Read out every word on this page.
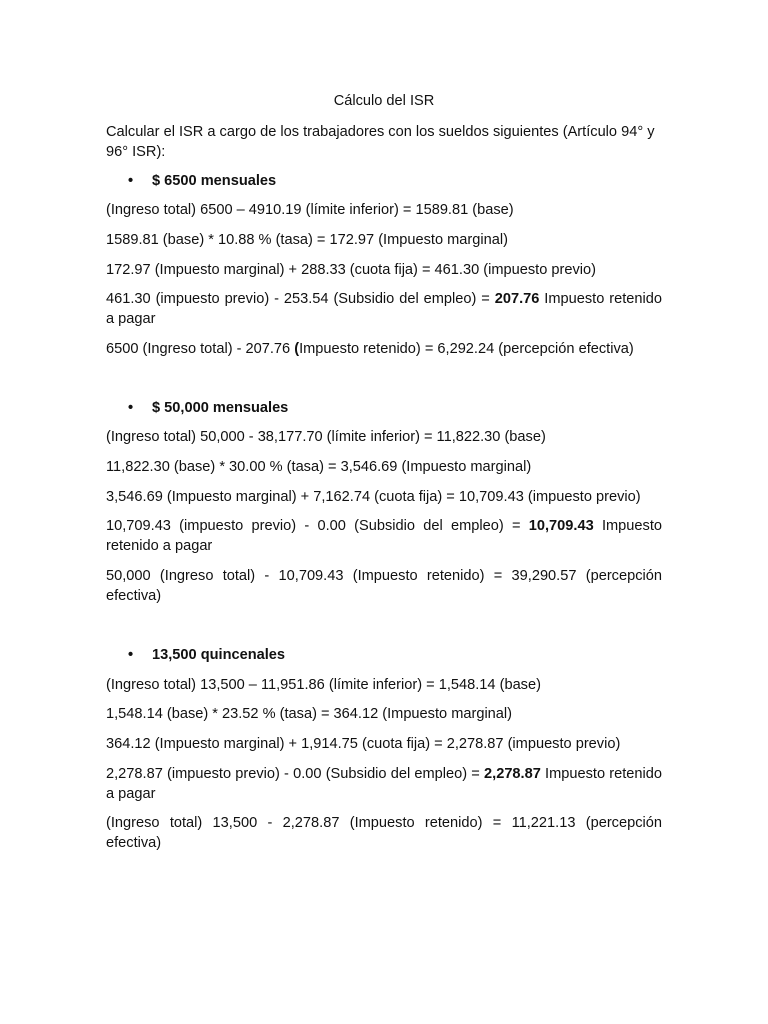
Cálculo del ISR
Calcular el ISR a cargo de los trabajadores con los sueldos siguientes (Artículo 94° y 96° ISR):
• $ 6500 mensuales
(Ingreso total) 6500 – 4910.19 (límite inferior) = 1589.81 (base)
1589.81 (base) * 10.88 % (tasa) = 172.97 (Impuesto marginal)
172.97 (Impuesto marginal) + 288.33 (cuota fija) = 461.30 (impuesto previo)
461.30 (impuesto previo) - 253.54 (Subsidio del empleo) = 207.76 Impuesto retenido a pagar
6500 (Ingreso total) - 207.76 (Impuesto retenido) = 6,292.24 (percepción efectiva)
• $ 50,000 mensuales
(Ingreso total) 50,000 - 38,177.70 (límite inferior) = 11,822.30 (base)
11,822.30 (base) * 30.00 % (tasa) = 3,546.69 (Impuesto marginal)
3,546.69 (Impuesto marginal) + 7,162.74 (cuota fija) = 10,709.43 (impuesto previo)
10,709.43 (impuesto previo) - 0.00 (Subsidio del empleo) = 10,709.43 Impuesto retenido a pagar
50,000 (Ingreso total) - 10,709.43 (Impuesto retenido) = 39,290.57 (percepción efectiva)
• 13,500 quincenales
(Ingreso total) 13,500 – 11,951.86 (límite inferior) = 1,548.14 (base)
1,548.14 (base) * 23.52 % (tasa) = 364.12 (Impuesto marginal)
364.12 (Impuesto marginal) + 1,914.75 (cuota fija) = 2,278.87 (impuesto previo)
2,278.87 (impuesto previo) - 0.00 (Subsidio del empleo) = 2,278.87 Impuesto retenido a pagar
(Ingreso total) 13,500 - 2,278.87 (Impuesto retenido) = 11,221.13 (percepción efectiva)
